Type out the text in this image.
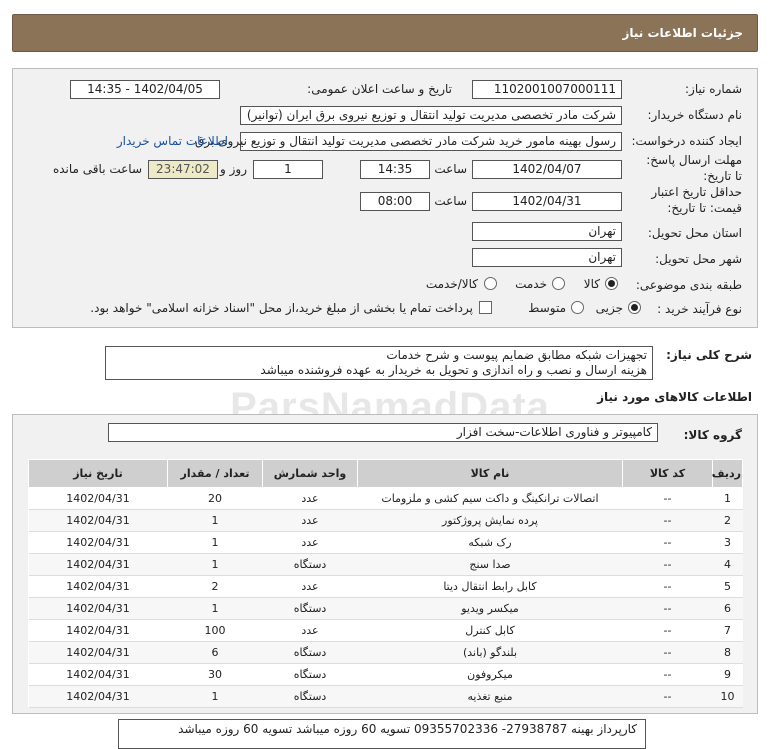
جزئیات اطلاعات نیاز
شماره نیاز:
1102001007000111
تاریخ و ساعت اعلان عمومی:
1402/04/05 - 14:35
نام دستگاه خریدار:
شرکت مادر تخصصی مدیریت تولید انتقال و توزیع نیروی برق ایران (توانیر)
ایجاد کننده درخواست:
رسول بهینه مامور خرید شرکت مادر تخصصی مدیریت تولید انتقال و توزیع نیروی برق
اطلاعات تماس خریدار
مهلت ارسال پاسخ: تا تاریخ:
1402/04/07
ساعت
14:35
1
روز و
23:47:02
ساعت باقی مانده
حداقل تاریخ اعتبار قیمت: تا تاریخ:
1402/04/31
ساعت
08:00
استان محل تحویل:
تهران
شهر محل تحویل:
تهران
طبقه بندی موضوعی:
کالا
خدمت
کالا/خدمت
نوع فرآیند خرید :
جزیی
متوسط
پرداخت تمام یا بخشی از مبلغ خرید،از محل "اسناد خزانه اسلامی" خواهد بود.
شرح کلی نیاز:
تجهیزات شبکه مطابق ضمایم پیوست و شرح خدمات
هزینه ارسال و نصب و راه اندازی و تحویل به خریدار به عهده فروشنده میباشد
اطلاعات کالاهای مورد نیاز
ParsNamadData
گروه کالا:
کامپیوتر و فناوری اطلاعات-سخت افزار
ردیف	کد کالا	نام کالا	واحد شمارش	تعداد / مقدار	تاریخ نیاز
1	--	اتصالات ترانکینگ و داکت سیم کشی و ملزومات	عدد	20	1402/04/31
2	--	پرده نمایش پروژکتور	عدد	1	1402/04/31
3	--	رک شبکه	عدد	1	1402/04/31
4	--	صدا سنج	دستگاه	1	1402/04/31
5	--	کابل رابط انتقال دیتا	عدد	2	1402/04/31
6	--	میکسر ویدیو	دستگاه	1	1402/04/31
7	--	کابل کنترل	عدد	100	1402/04/31
8	--	بلندگو (باند)	دستگاه	6	1402/04/31
9	--	میکروفون	دستگاه	30	1402/04/31
10	--	منبع تغذیه	دستگاه	1	1402/04/31
کارپرداز بهینه 27938787- 09355702336 تسویه 60 روزه میباشد تسویه 60 روزه میباشد
